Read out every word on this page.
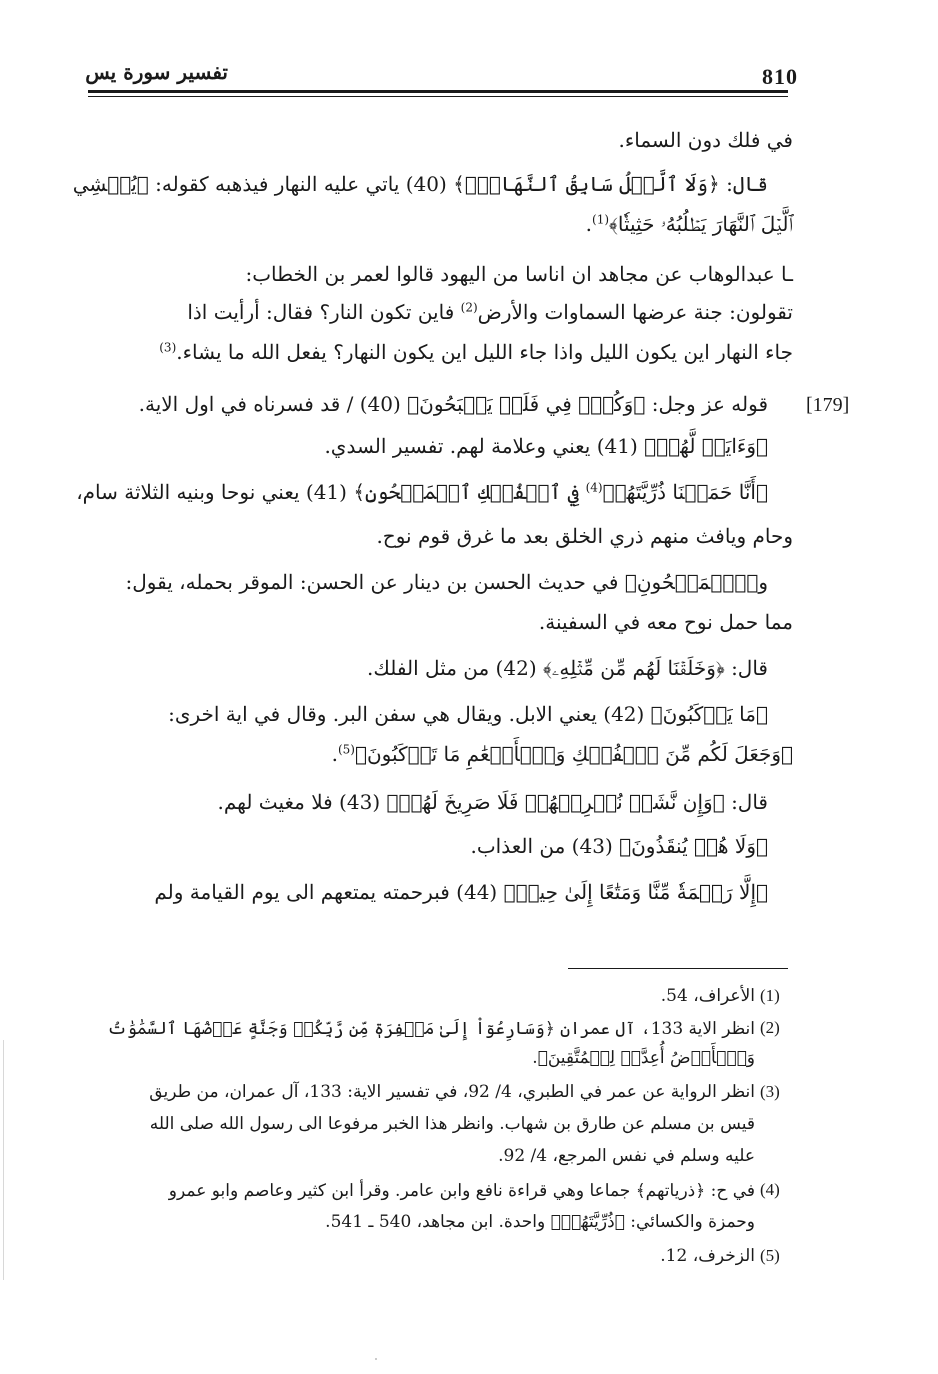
810
تفسير سورة يس
[179]
في فلك دون السماء.
قال: ﴿وَلَا ٱلَّيۡلُ سَابِقُ ٱلنَّهَارِۚ﴾ (40) ياتي عليه النهار فيذهبه كقوله: ﴿يُغۡشِي
ٱلَّيۡلَ ٱلنَّهَارَ يَطۡلُبُهُۥ حَثِيثٗا﴾$^{(1)}$.
ـا عبدالوهاب عن مجاهد ان اناسا من اليهود قالوا لعمر بن الخطاب:
تقولون: جنة عرضها السماوات والأرض$^{(2)}$ فاين تكون النار؟ فقال: أرأيت اذا
جاء النهار اين يكون الليل واذا جاء الليل اين يكون النهار؟ يفعل الله ما يشاء.$^{(3)}$
قوله عز وجل: ﴿وَكُلّٞ فِي فَلَكٖ يَسۡبَحُونَ﴾ (40) / قد فسرناه في اول الاية.
﴿وَءَايَةٞ لَّهُمۡ﴾ (41) يعني وعلامة لهم. تفسير السدي.
﴿أَنَّا حَمَلۡنَا ذُرِّيَّتَهُمۡ$^{(4)}$ فِي ٱلۡفُلۡكِ ٱلۡمَشۡحُونِ﴾ (41) يعني نوحا وبنيه الثلاثة سام،
وحام ويافث منهم ذري الخلق بعد ما غرق قوم نوح.
و﴿ٱلۡمَشۡحُونِ﴾ في حديث الحسن بن دينار عن الحسن: الموقر بحمله، يقول:
مما حمل نوح معه في السفينة.
قال: ﴿وَخَلَقۡنَا لَهُم مِّن مِّثۡلِهِۦ﴾ (42) من مثل الفلك.
﴿مَا يَرۡكَبُونَ﴾ (42) يعني الابل. ويقال هي سفن البر. وقال في اية اخرى:
﴿وَجَعَلَ لَكُم مِّنَ ٱلۡفُلۡكِ وَٱلۡأَنۡعَٰمِ مَا تَرۡكَبُونَ﴾$^{(5)}$.
قال: ﴿وَإِن نَّشَأۡ نُغۡرِقۡهُمۡ فَلَا صَرِيخَ لَهُمۡ﴾ (43) فلا مغيث لهم.
﴿وَلَا هُمۡ يُنقَذُونَ﴾ (43) من العذاب.
﴿إِلَّا رَحۡمَةٗ مِّنَّا وَمَتَٰعًا إِلَىٰ حِينٖ﴾ (44) فبرحمته يمتعهم الى يوم القيامة ولم
(1)
الأعراف، 54.
(2)
انظر الاية 133، آل عمران ﴿وَسَارِعُوٓاْ إِلَىٰ مَغۡفِرَةٖ مِّن رَّبِّكُمۡ وَجَنَّةٍ عَرۡضُهَا ٱلسَّمَٰوَٰتُ
وَٱلۡأَرۡضُ أُعِدَّتۡ لِلۡمُتَّقِينَ﴾.
(3)
انظر الرواية عن عمر في الطبري، 4/ 92، في تفسير الاية: 133، آل عمران، من طريق
قيس بن مسلم عن طارق بن شهاب. وانظر هذا الخبر مرفوعا الى رسول الله صلى الله
عليه وسلم في نفس المرجع، 4/ 92.
(4)
في ح: ﴿ذرياتهم﴾ جماعا وهي قراءة نافع وابن عامر. وقرأ ابن كثير وعاصم وابو عمرو
وحمزة والكسائي: ﴿ذُرِّيَّتَهُمۡ﴾ واحدة. ابن مجاهد، 540 ـ 541.
(5)
الزخرف، 12.
